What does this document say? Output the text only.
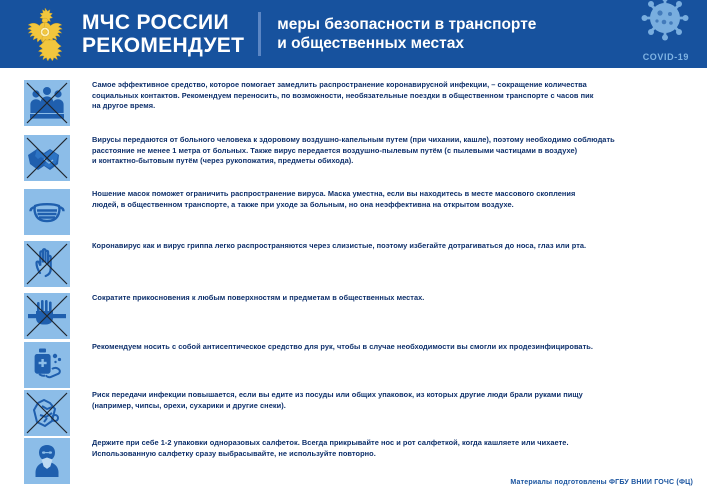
МЧС РОССИИ
РЕКОМЕНДУЕТ
меры безопасности в транспорте
и общественных местах
COVID-19
Самое эффективное средство, которое помогает замедлить распространение коронавирусной инфекции, – сокращение количества
социальных контактов. Рекомендуем переносить, по возможности, необязательные поездки в общественном транспорте с часов пик
на другое время.
Вирусы передаются от больного человека к здоровому воздушно-капельным путем (при чихании, кашле), поэтому необходимо соблюдать
расстояние не менее 1 метра от больных. Также вирус передается воздушно-пылевым путём (с пылевыми частицами в воздухе)
и контактно-бытовым путём (через рукопожатия, предметы обихода).
Ношение масок поможет ограничить распространение вируса. Маска уместна, если вы находитесь в месте массового скопления
людей, в общественном транспорте, а также при уходе за больным, но она неэффективна на открытом воздухе.
Коронавирус как и вирус гриппа легко распространяются через слизистые, поэтому избегайте дотрагиваться до носа, глаз или рта.
Сократите прикосновения к любым поверхностям и предметам в общественных местах.
Рекомендуем носить с собой антисептическое средство для рук, чтобы в случае необходимости вы смогли их продезинфицировать.
Риск передачи инфекции повышается, если вы едите из посуды или общих упаковок, из которых другие люди брали руками пищу
(например, чипсы, орехи, сухарики и другие снеки).
Держите при себе 1-2 упаковки одноразовых салфеток. Всегда прикрывайте нос и рот салфеткой, когда кашляете или чихаете.
Использованную салфетку сразу выбрасывайте, не используйте повторно.
Материалы подготовлены ФГБУ ВНИИ ГОЧС (ФЦ)
